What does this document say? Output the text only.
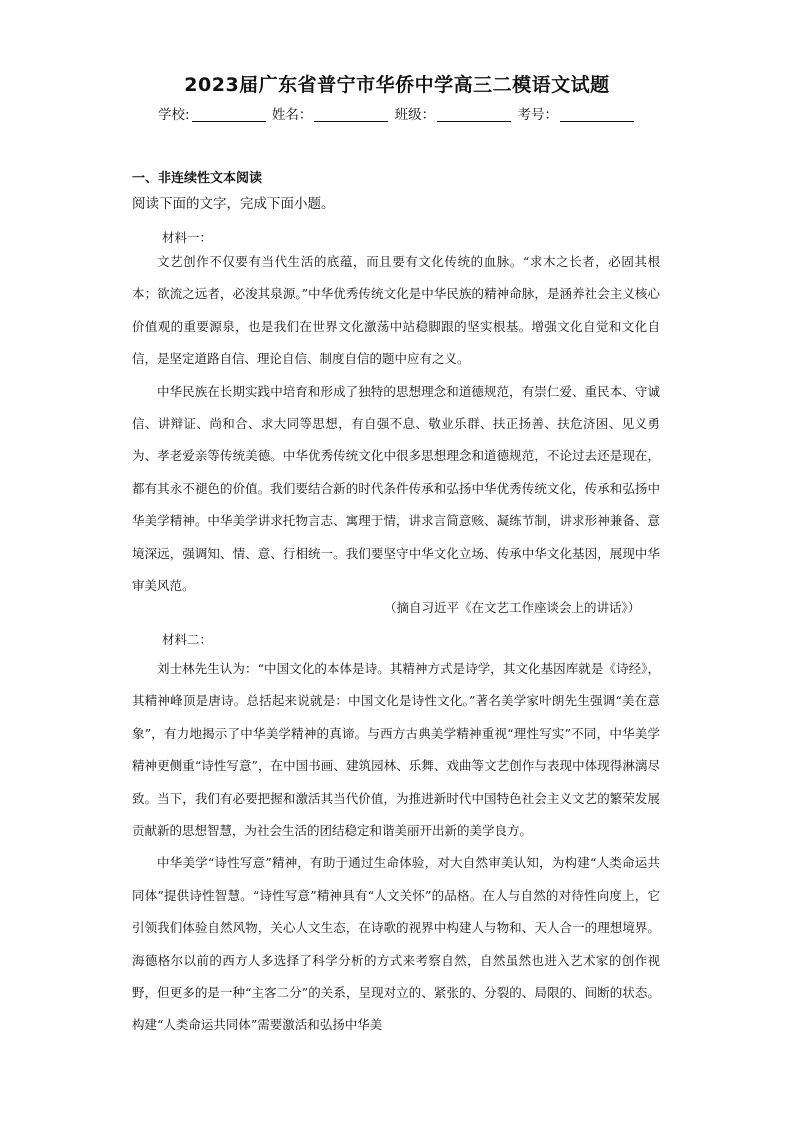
2023届广东省普宁市华侨中学高三二模语文试题
学校:	姓名：	班级：	考号：
一、非连续性文本阅读
阅读下面的文字，完成下面小题。
材料一：

文艺创作不仅要有当代生活的底蕴，而且要有文化传统的血脉。“求木之长者，必固其根本；欲流之远者，必浚其泉源。”中华优秀传统文化是中华民族的精神命脉，是涵养社会主义核心价值观的重要源泉，也是我们在世界文化激荡中站稳脚跟的坚实根基。增强文化自觉和文化自信，是坚定道路自信、理论自信、制度自信的题中应有之义。

中华民族在长期实践中培育和形成了独特的思想理念和道德规范，有崇仁爱、重民本、守诚信、讲辩证、尚和合、求大同等思想，有自强不息、敬业乐群、扶正扬善、扶危济困、见义勇为、孝老爱亲等传统美德。中华优秀传统文化中很多思想理念和道德规范，不论过去还是现在，都有其永不褪色的价值。我们要结合新的时代条件传承和弘扬中华优秀传统文化，传承和弘扬中华美学精神。中华美学讲求托物言志、寓理于情，讲求言简意赅、凝练节制，讲求形神兼备、意境深远，强调知、情、意、行相统一。我们要坚守中华文化立场、传承中华文化基因，展现中华审美风范。

（摘自习近平《在文艺工作座谈会上的讲话》）
材料二：

刘士林先生认为：“中国文化的本体是诗。其精神方式是诗学，其文化基因库就是《诗经》，其精神峰顶是唐诗。总括起来说就是：中国文化是诗性文化。”著名美学家叶朗先生强调“美在意象”，有力地揭示了中华美学精神的真谛。与西方古典美学精神重视“理性写实”不同，中华美学精神更侧重“诗性写意”，在中国书画、建筑园林、乐舞、戏曲等文艺创作与表现中体现得淋漓尽致。当下，我们有必要把握和激活其当代价值，为推进新时代中国特色社会主义文艺的繁荣发展贡献新的思想智慧，为社会生活的团结稳定和谐美丽开出新的美学良方。

中华美学“诗性写意”精神，有助于通过生命体验，对大自然审美认知，为构建“人类命运共同体”提供诗性智慧。“诗性写意”精神具有“人文关怀”的品格。在人与自然的对待性向度上，它引领我们体验自然风物，关心人文生态，在诗歌的视界中构建人与物和、天人合一的理想境界。海德格尔以前的西方人多选择了科学分析的方式来考察自然，自然虽然也进入艺术家的创作视野，但更多的是一种“主客二分”的关系，呈现对立的、紧张的、分裂的、局限的、间断的状态。构建“人类命运共同体”需要激活和弘扬中华美
